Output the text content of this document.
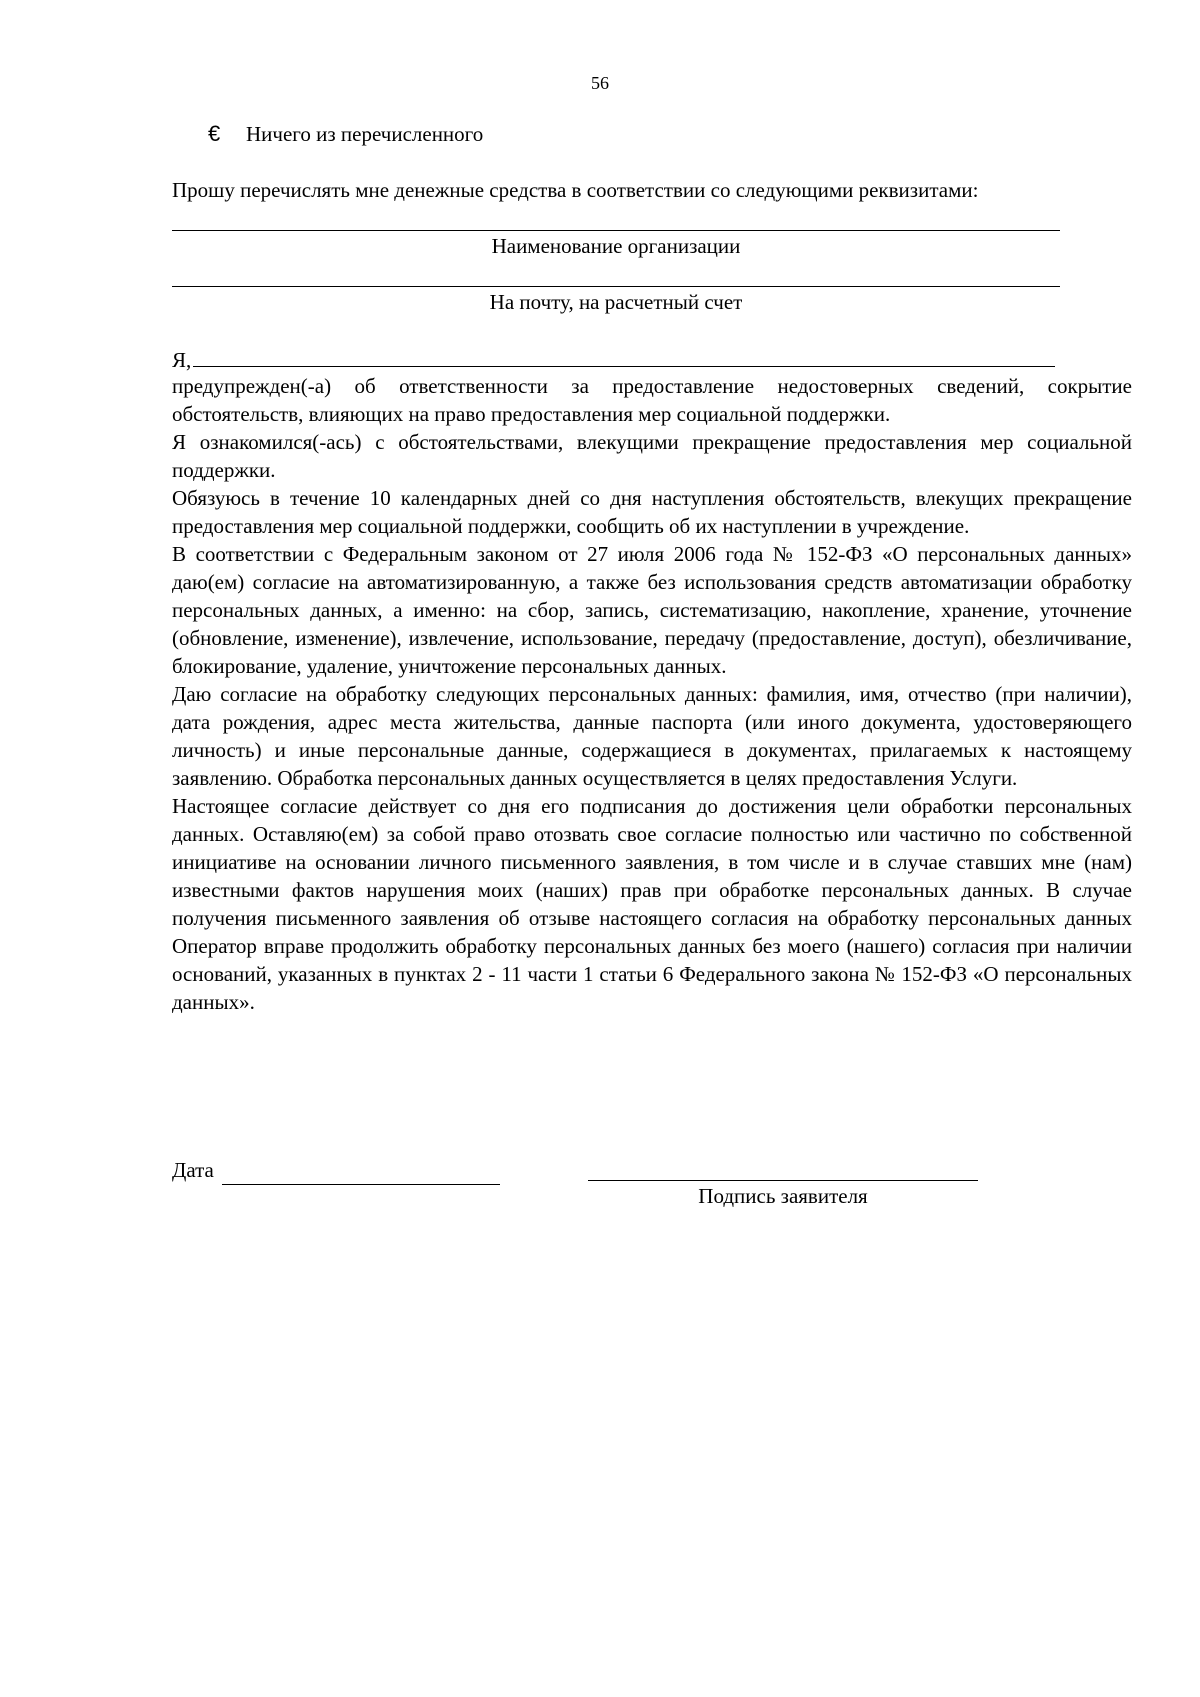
56
€ Ничего из перечисленного
Прошу перечислять мне денежные средства в соответствии со следующими реквизитами:
Наименование организации
На почту, на расчетный счет
Я,

предупрежден(-а) об ответственности за предоставление недостоверных сведений, сокрытие обстоятельств, влияющих на право предоставления мер социальной поддержки.

Я ознакомился(-ась) с обстоятельствами, влекущими прекращение предоставления мер социальной поддержки.

Обязуюсь в течение 10 календарных дней со дня наступления обстоятельств, влекущих прекращение предоставления мер социальной поддержки, сообщить об их наступлении в учреждение.

В соответствии с Федеральным законом от 27 июля 2006 года № 152-ФЗ «О персональных данных» даю(ем) согласие на автоматизированную, а также без использования средств автоматизации обработку персональных данных, а именно: на сбор, запись, систематизацию, накопление, хранение, уточнение (обновление, изменение), извлечение, использование, передачу (предоставление, доступ), обезличивание, блокирование, удаление, уничтожение персональных данных.

Даю согласие на обработку следующих персональных данных: фамилия, имя, отчество (при наличии), дата рождения, адрес места жительства, данные паспорта (или иного документа, удостоверяющего личность) и иные персональные данные, содержащиеся в документах, прилагаемых к настоящему заявлению. Обработка персональных данных осуществляется в целях предоставления Услуги.

Настоящее согласие действует со дня его подписания до достижения цели обработки персональных данных. Оставляю(ем) за собой право отозвать свое согласие полностью или частично по собственной инициативе на основании личного письменного заявления, в том числе и в случае ставших мне (нам) известными фактов нарушения моих (наших) прав при обработке персональных данных. В случае получения письменного заявления об отзыве настоящего согласия на обработку персональных данных Оператор вправе продолжить обработку персональных данных без моего (нашего) согласия при наличии оснований, указанных в пунктах 2 - 11 части 1 статьи 6 Федерального закона № 152-ФЗ «О персональных данных».

Дата
Подпись заявителя
